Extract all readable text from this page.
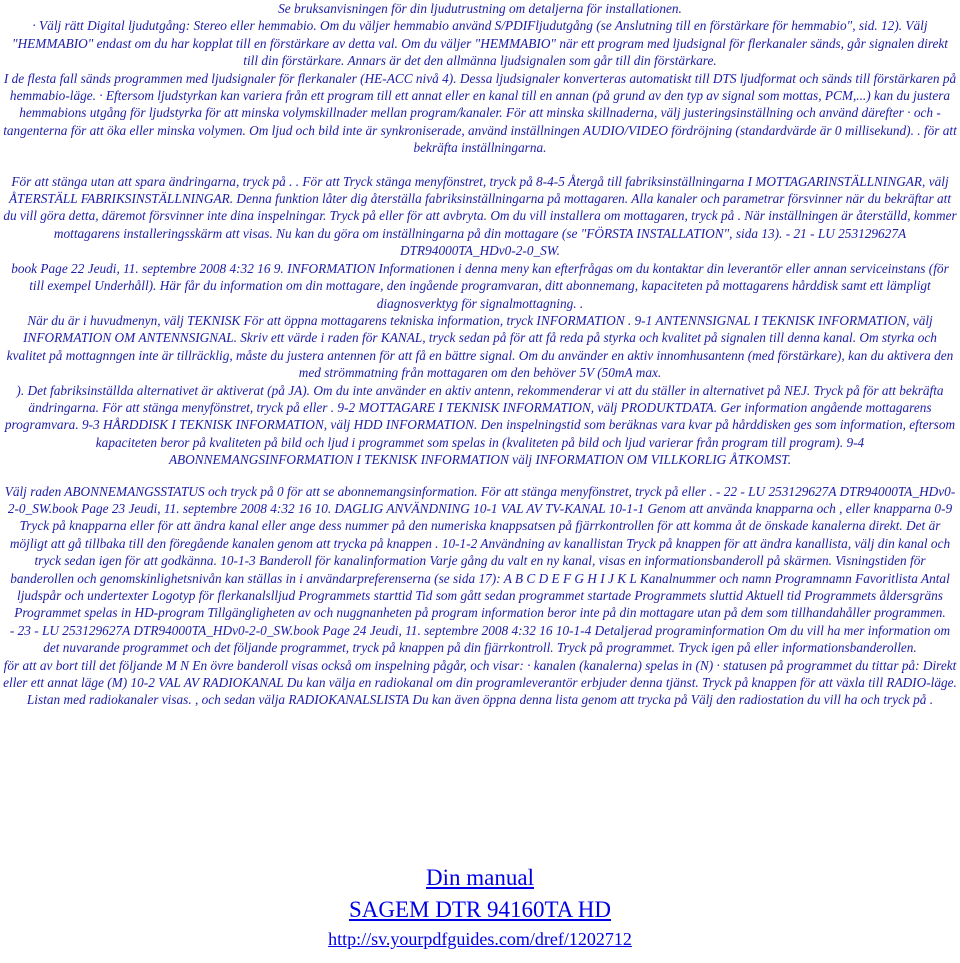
Se bruksanvisningen för din ljudutrustning om detaljerna för installationen.

· Välj rätt Digital ljudutgång: Stereo eller hemmabio. Om du väljer hemmabio använd S/PDIFljudutgång (se Anslutning till en förstärkare för hemmabio", sid. 12). Välj "HEMMABIO" endast om du har kopplat till en förstärkare av detta val. Om du väljer "HEMMABIO" när ett program med ljudsignal för flerkanaler sänds, går signalen direkt till din förstärkare. Annars är det den allmänna ljudsignalen som går till din förstärkare.

I de flesta fall sänds programmen med ljudsignaler för flerkanaler (HE-ACC nivå 4). Dessa ljudsignaler konverteras automatiskt till DTS ljudformat och sänds till förstärkaren på hemmabio-läge. · Eftersom ljudstyrkan kan variera från ett program till ett annat eller en kanal till en annan (på grund av den typ av signal som mottas, PCM,...) kan du justera hemmabions utgång för ljudstyrka för att minska volymskillnader mellan program/kanaler. För att minska skillnaderna, välj justeringsinställning och använd därefter · och - tangenterna för att öka eller minska volymen. Om ljud och bild inte är synkroniserade, använd inställningen AUDIO/VIDEO fördröjning (standardvärde är 0 millisekund). . för att bekräfta inställningarna.

För att stänga utan att spara ändringarna, tryck på . . För att Tryck stänga menyfönstret, tryck på 8-4-5 Återgå till fabriksinställningarna I MOTTAGARINSTÄLLNINGAR, välj ÅTERSTÄLL FABRIKSINSTÄLLNINGAR. Denna funktion låter dig återställa fabriksinställningarna på mottagaren. Alla kanaler och parametrar försvinner när du bekräftar att du vill göra detta, däremot försvinner inte dina inspelningar. Tryck på eller för att avbryta. Om du vill installera om mottagaren, tryck på . När inställningen är återställd, kommer mottagarens installeringsskärm att visas. Nu kan du göra om inställningarna på din mottagare (se "FÖRSTA INSTALLATION", sida 13). - 21 - LU 253129627A DTR94000TA_HDv0-2-0_SW.

book Page 22 Jeudi, 11. septembre 2008 4:32 16 9. INFORMATION Informationen i denna meny kan efterfrågas om du kontaktar din leverantör eller annan serviceinstans (för till exempel Underhåll). Här får du information om din mottagare, den ingående programvaran, ditt abonnemang, kapaciteten på mottagarens hårddisk samt ett lämpligt diagnosverktyg för signalmottagning. .

När du är i huvudmenyn, välj TEKNISK För att öppna mottagarens tekniska information, tryck INFORMATION . 9-1 ANTENNSIGNAL I TEKNISK INFORMATION, välj INFORMATION OM ANTENNSIGNAL. Skriv ett värde i raden för KANAL, tryck sedan på för att få reda på styrka och kvalitet på signalen till denna kanal. Om styrka och kvalitet på mottagnngen inte är tillräcklig, måste du justera antennen för att få en bättre signal. Om du använder en aktiv innomhusantenn (med förstärkare), kan du aktivera den med strömmatning från mottagaren om den behöver 5V (50mA max.

). Det fabriksinställda alternativet är aktiverat (på JA). Om du inte använder en aktiv antenn, rekommenderar vi att du ställer in alternativet på NEJ. Tryck på för att bekräfta ändringarna. För att stänga menyfönstret, tryck på eller . 9-2 MOTTAGARE I TEKNISK INFORMATION, välj PRODUKTDATA. Ger information angående mottagarens programvara. 9-3 HÅRDDISK I TEKNISK INFORMATION, välj HDD INFORMATION. Den inspelningstid som beräknas vara kvar på hårddisken ges som information, eftersom kapaciteten beror på kvaliteten på bild och ljud i programmet som spelas in (kvaliteten på bild och ljud varierar från program till program). 9-4 ABONNEMANGSINFORMATION I TEKNISK INFORMATION välj INFORMATION OM VILLKORLIG ÅTKOMST.

Välj raden ABONNEMANGSSTATUS och tryck på 0 för att se abonnemangsinformation. För att stänga menyfönstret, tryck på eller . - 22 - LU 253129627A DTR94000TA_HDv0-2-0_SW.book Page 23 Jeudi, 11. septembre 2008 4:32 16 10. DAGLIG ANVÄNDNING 10-1 VAL AV TV-KANAL 10-1-1 Genom att använda knapparna och , eller knapparna 0-9 Tryck på knapparna eller för att ändra kanal eller ange dess nummer på den numeriska knappsatsen på fjärrkontrollen för att komma åt de önskade kanalerna direkt. Det är möjligt att gå tillbaka till den föregående kanalen genom att trycka på knappen . 10-1-2 Användning av kanallistan Tryck på knappen för att ändra kanallista, välj din kanal och tryck sedan igen för att godkänna. 10-1-3 Banderoll för kanalinformation Varje gång du valt en ny kanal, visas en informationsbanderoll på skärmen. Visningstiden för banderollen och genomskinlighetsnivån kan ställas in i användarpreferenserna (se sida 17): A B C D E F G H I J K L Kanalnummer och namn Programnamn Favoritlista Antal ljudspår och undertexter Logotyp för flerkanalslljud Programmets starttid Tid som gått sedan programmet startade Programmets sluttid Aktuell tid Programmets åldersgräns Programmet spelas in HD-program Tillgängligheten av och nuggnanheten på program information beror inte på din mottagare utan på dem som tillhandahåller programmen.

- 23 - LU 253129627A DTR94000TA_HDv0-2-0_SW.book Page 24 Jeudi, 11. septembre 2008 4:32 16 10-1-4 Detaljerad programinformation Om du vill ha mer information om det nuvarande programmet och det följande programmet, tryck på knappen på din fjärrkontroll. Tryck på programmet. Tryck igen på eller informationsbanderollen.

för att av bort till det följande M N En övre banderoll visas också om inspelning pågår, och visar: · kanalen (kanalerna) spelas in (N) · statusen på programmet du tittar på: Direkt eller ett annat läge (M) 10-2 VAL AV RADIOKANAL Du kan välja en radiokanal om din programleverantör erbjuder denna tjänst. Tryck på knappen för att växla till RADIO-läge. Listan med radiokanaler visas. , och sedan välja RADIOKANALSLISTA Du kan även öppna denna lista genom att trycka på Välj den radiostation du vill ha och tryck på .

Din manual
SAGEM DTR 94160TA HD
http://sv.yourpdfguides.com/dref/1202712
